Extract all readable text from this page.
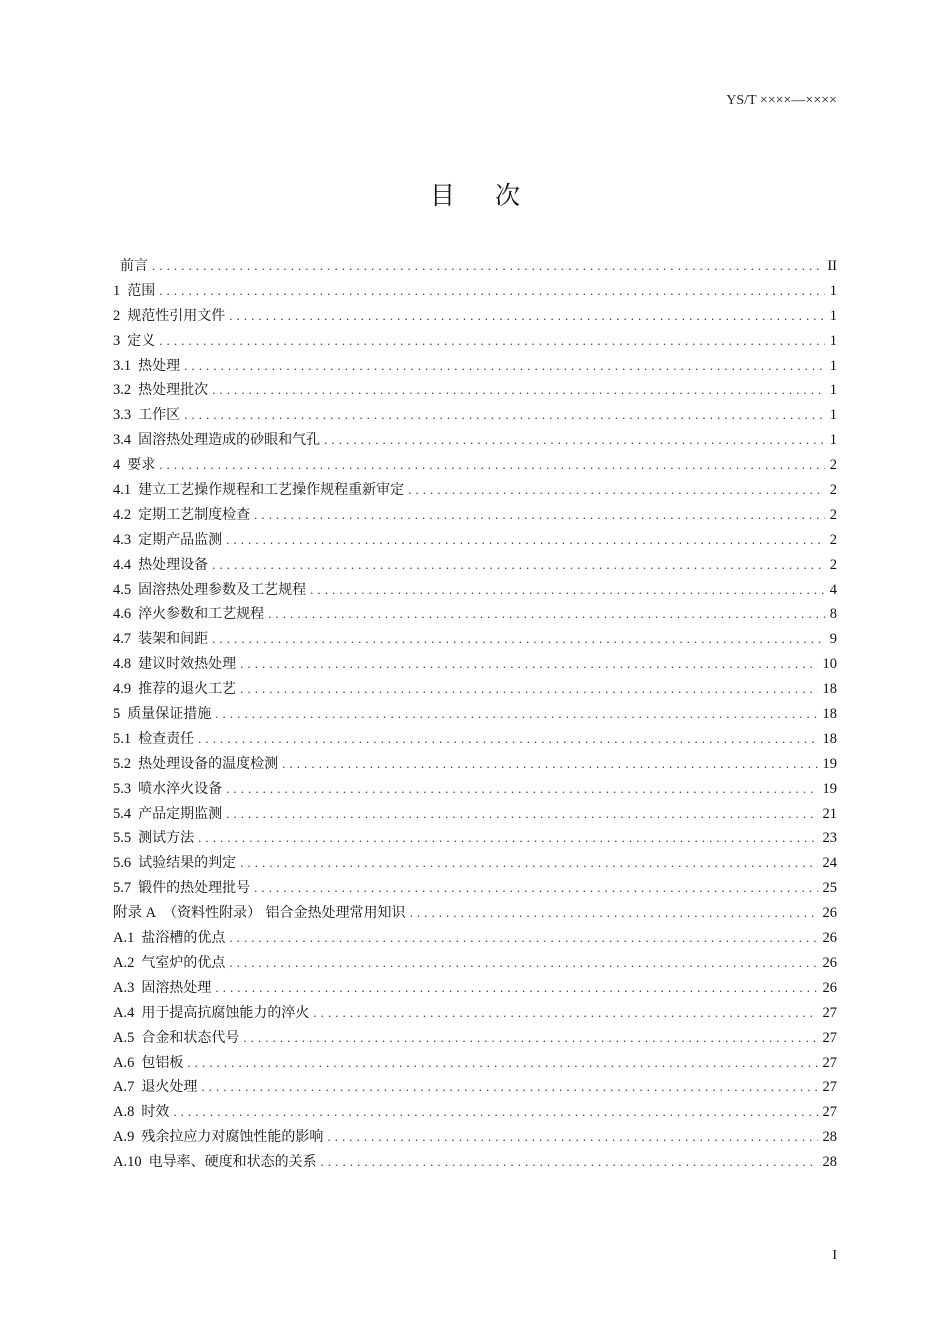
YS/T ××××—××××
目次
前言 . . .	II
1 范围 . . .	1
2 规范性引用文件 . . .	1
3 定义 . . .	1
3.1 热处理 . . .	1
3.2 热处理批次 . . .	1
3.3 工作区 . . .	1
3.4 固溶热处理造成的砂眼和气孔 . . .	1
4 要求 . . .	2
4.1 建立工艺操作规程和工艺操作规程重新审定 . . .	2
4.2 定期工艺制度检查 . . .	2
4.3 定期产品监测 . . .	2
4.4 热处理设备 . . .	2
4.5 固溶热处理参数及工艺规程 . . .	4
4.6 淬火参数和工艺规程 . . .	8
4.7 装架和间距 . . .	9
4.8 建议时效热处理 . . .	10
4.9 推荐的退火工艺 . . .	18
5 质量保证措施 . . .	18
5.1 检查责任 . . .	18
5.2 热处理设备的温度检测 . . .	19
5.3 喷水淬火设备 . . .	19
5.4 产品定期监测 . . .	21
5.5 测试方法 . . .	23
5.6 试验结果的判定 . . .	24
5.7 锻件的热处理批号 . . .	25
附录 A （资料性附录） 铝合金热处理常用知识 . . .	26
A.1 盐浴槽的优点 . . .	26
A.2 气室炉的优点 . . .	26
A.3 固溶热处理 . . .	26
A.4 用于提高抗腐蚀能力的淬火 . . .	27
A.5 合金和状态代号 . . .	27
A.6 包铝板 . . .	27
A.7 退火处理 . . .	27
A.8 时效 . . .	27
A.9 残余拉应力对腐蚀性能的影响 . . .	28
A.10 电导率、硬度和状态的关系 . . .	28
I
